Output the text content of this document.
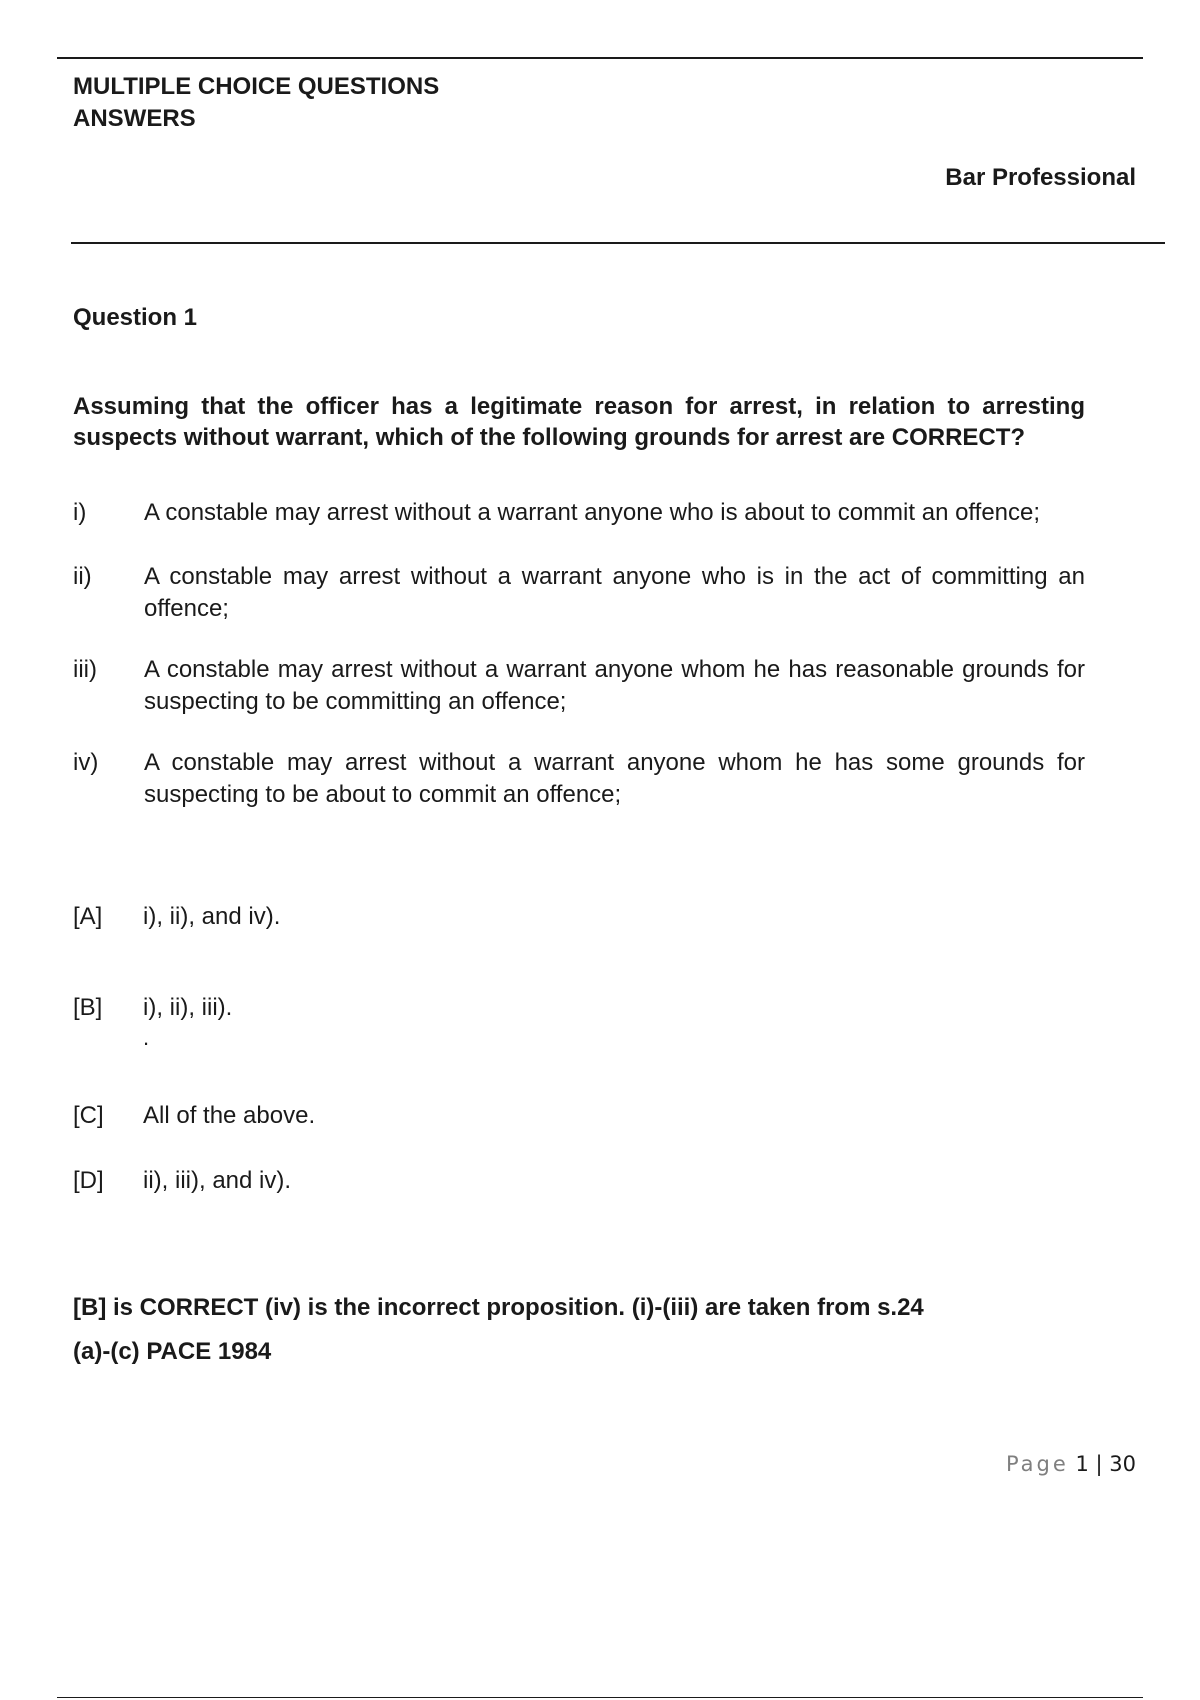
MULTIPLE CHOICE QUESTIONS
ANSWERS
Bar Professional
Question 1
Assuming that the officer has a legitimate reason for arrest, in relation to arresting suspects without warrant, which of the following grounds for arrest are CORRECT?
i) A constable may arrest without a warrant anyone who is about to commit an offence;
ii) A constable may arrest without a warrant anyone who is in the act of committing an offence;
iii) A constable may arrest without a warrant anyone whom he has reasonable grounds for suspecting to be committing an offence;
iv) A constable may arrest without a warrant anyone whom he has some grounds for suspecting to be about to commit an offence;
[A] i), ii), and iv).
[B] i), ii), iii).
.
[C] All of the above.
[D] ii), iii), and iv).
[B] is CORRECT (iv) is the incorrect proposition. (i)-(iii) are taken from s.24
(a)-(c) PACE 1984
Page 1 | 30
